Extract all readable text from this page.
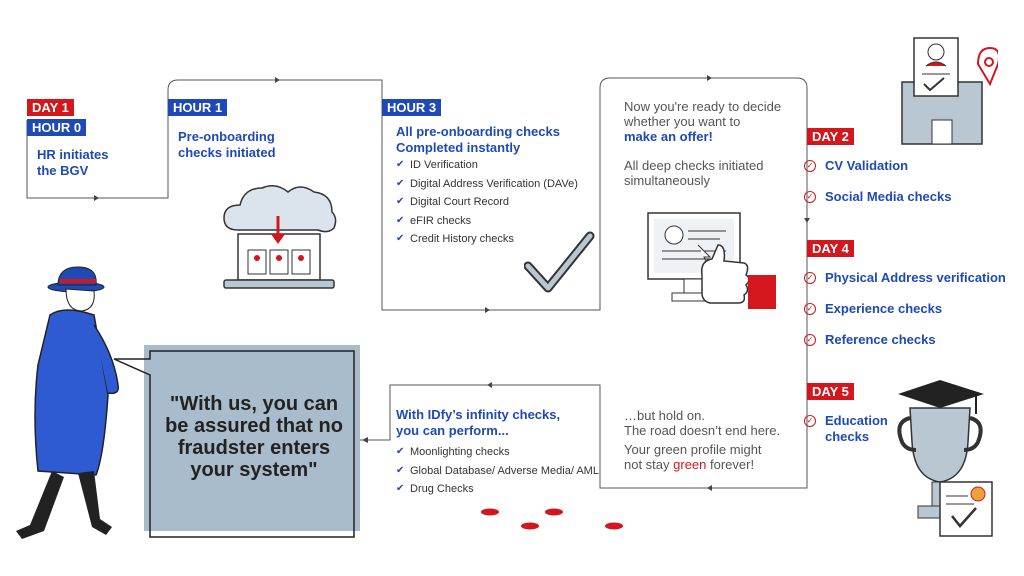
DAY 1
HOUR 0
HR initiates
the BGV
HOUR 1
Pre-onboarding
checks initiated
HOUR 3
All pre-onboarding checks
Completed instantly
✔ ID Verification
✔ Digital Address Verification (DAVe)
✔ Digital Court Record
✔ eFIR checks
✔ Credit History checks
Now you're ready to decide
whether you want to
make an offer!
All deep checks initiated
simultaneously
DAY 2
✓ CV Validation
✓ Social Media checks
DAY 4
✓ Physical Address verification
✓ Experience checks
✓ Reference checks
DAY 5
✓ Education checks
…but hold on.
The road doesn’t end here.
Your green profile might
not stay green forever!
With IDfy’s infinity checks,
you can perform...
✔ Moonlighting checks
✔ Global Database/ Adverse Media/ AML
✔ Drug Checks
"With us, you can
be assured that no
fraudster enters
your system"
